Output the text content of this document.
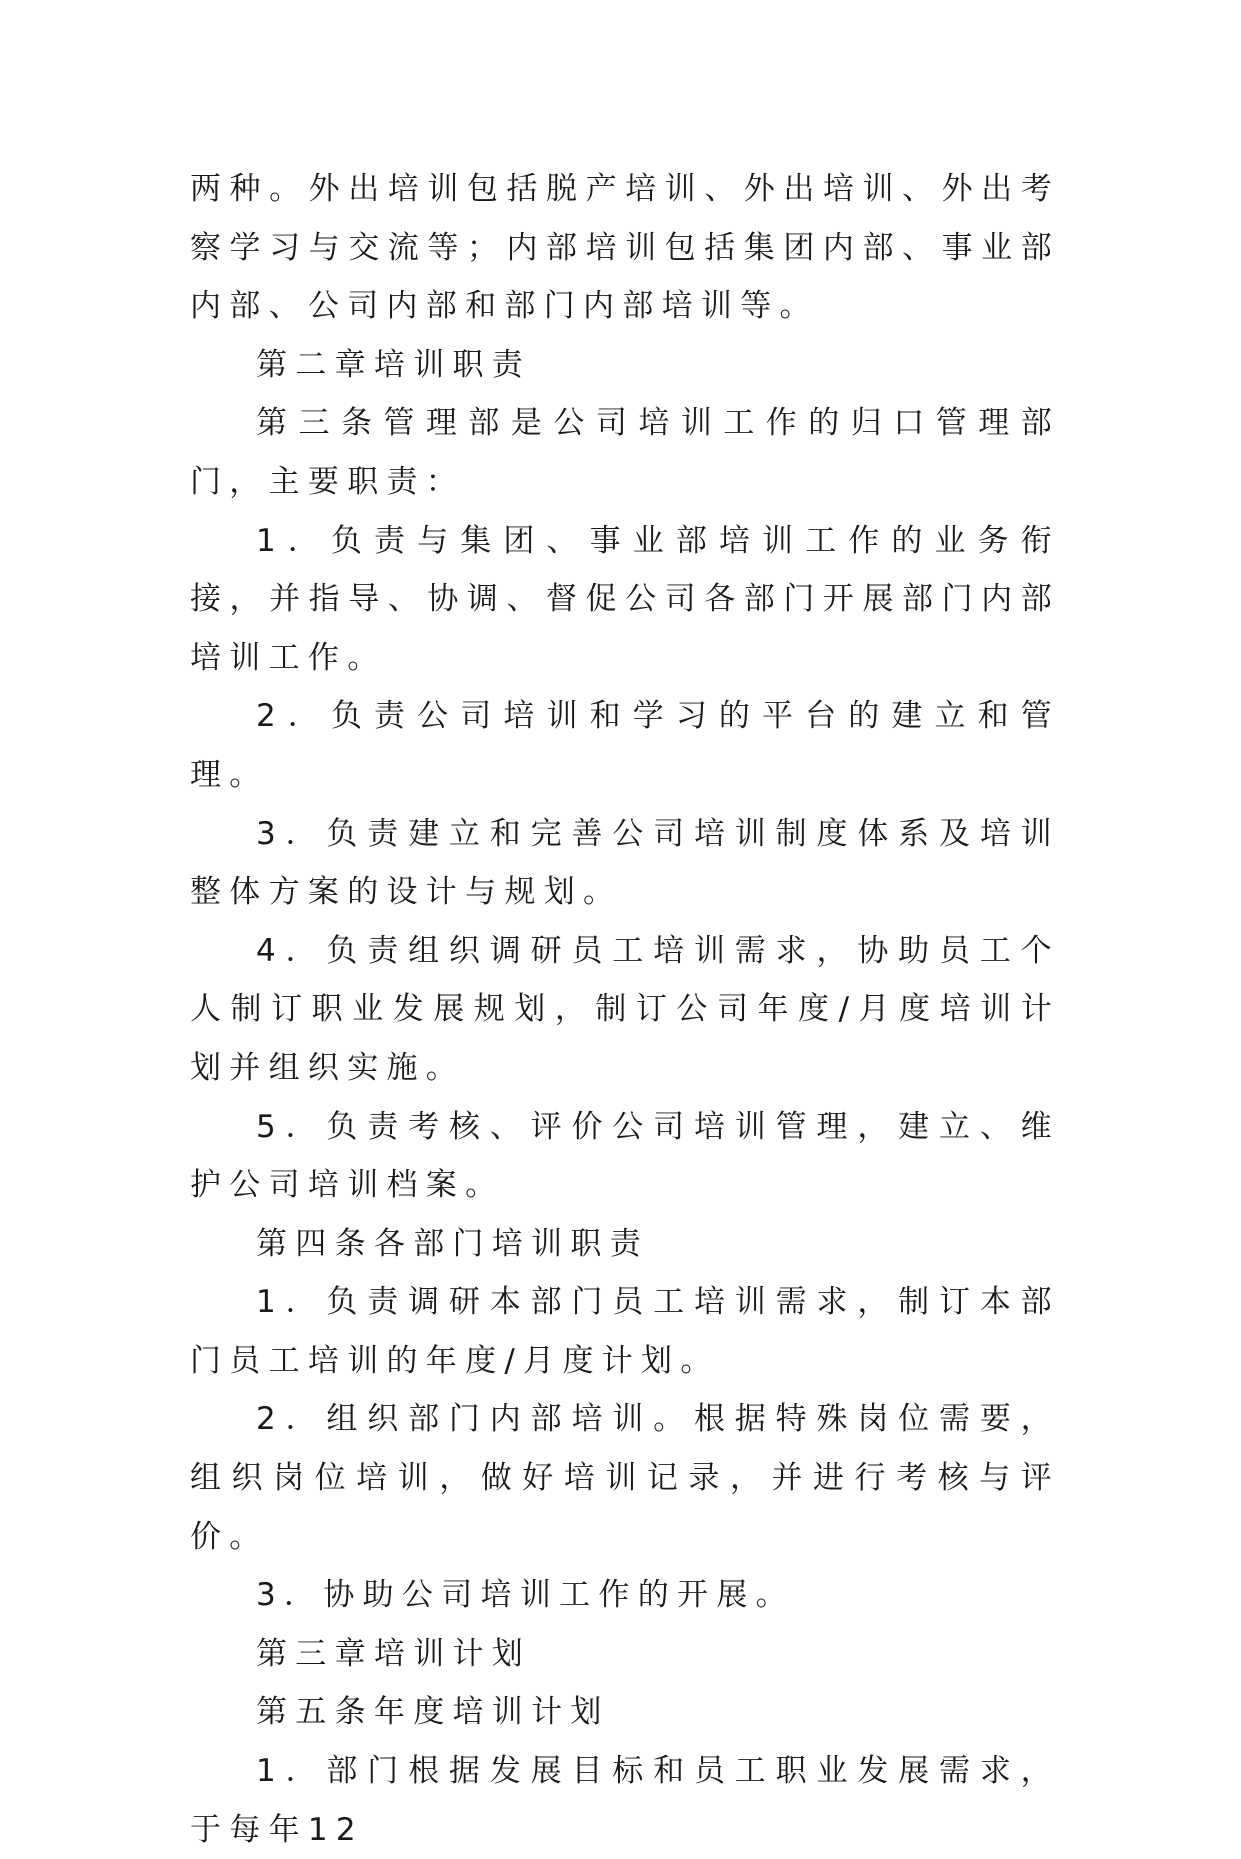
两种。外出培训包括脱产培训、外出培训、外出考察学习与交流等；内部培训包括集团内部、事业部内部、公司内部和部门内部培训等。

第二章培训职责

第三条管理部是公司培训工作的归口管理部门，主要职责：

1．负责与集团、事业部培训工作的业务衔接，并指导、协调、督促公司各部门开展部门内部培训工作。

2．负责公司培训和学习的平台的建立和管理。

3．负责建立和完善公司培训制度体系及培训整体方案的设计与规划。

4．负责组织调研员工培训需求，协助员工个人制订职业发展规划，制订公司年度/月度培训计划并组织实施。

5．负责考核、评价公司培训管理，建立、维护公司培训档案。

第四条各部门培训职责

1．负责调研本部门员工培训需求，制订本部门员工培训的年度/月度计划。

2．组织部门内部培训。根据特殊岗位需要，组织岗位培训，做好培训记录，并进行考核与评价。

3．协助公司培训工作的开展。

第三章培训计划

第五条年度培训计划

1．部门根据发展目标和员工职业发展需求，于每年12
